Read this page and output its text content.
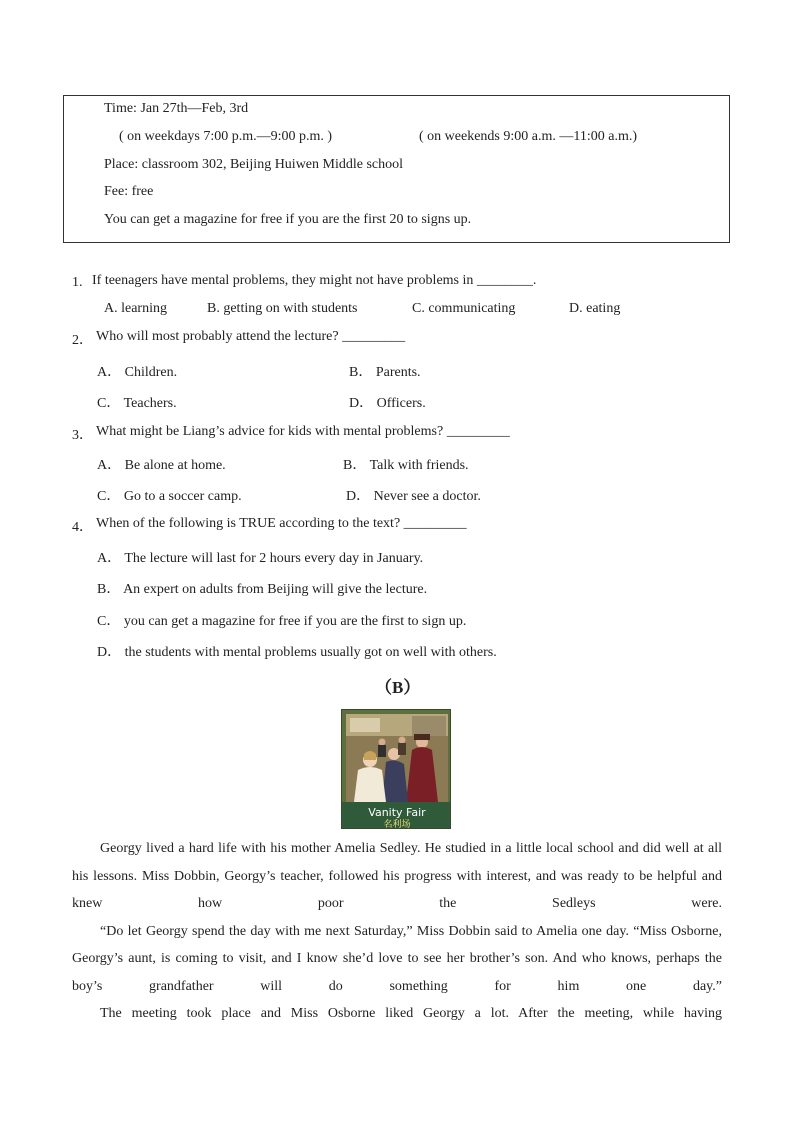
Time: Jan 27th—Feb, 3rd
( on weekdays 7:00 p.m.—9:00 p.m. )	( on weekends 9:00 a.m. —11:00 a.m.)
Place: classroom 302, Beijing Huiwen Middle school
Fee: free
You can get a magazine for free if you are the first 20 to signs up.
1. If teenagers have mental problems, they might not have problems in ________.
A. learning	B. getting on with students	C. communicating	D. eating
2． Who will most probably attend the lecture? _________
A． Children.	B． Parents.
C． Teachers.	D． Officers.
3． What might be Liang’s advice for kids with mental problems? _________
A． Be alone at home.	B． Talk with friends.
C． Go to a soccer camp.	D． Never see a doctor.
4． When of the following is TRUE according to the text? _________
A． The lecture will last for 2 hours every day in January.
B． An expert on adults from Beijing will give the lecture.
C． you can get a magazine for free if you are the first to sign up.
D． the students with mental problems usually got on well with others.
（B）
Vanity Fair
名利场

Georgy lived a hard life with his mother Amelia Sedley. He studied in a little local school and did well at all his lessons. Miss Dobbin, Georgy’s teacher, followed his progress with interest, and was ready to be helpful and knew how poor the Sedleys were.

“Do let Georgy spend the day with me next Saturday,” Miss Dobbin said to Amelia one day. “Miss Osborne, Georgy’s aunt, is coming to visit, and I know she’d love to see her brother’s son. And who knows, perhaps the boy’s grandfather will do something for him one day.”

The meeting took place and Miss Osborne liked Georgy a lot. After the meeting, while having
